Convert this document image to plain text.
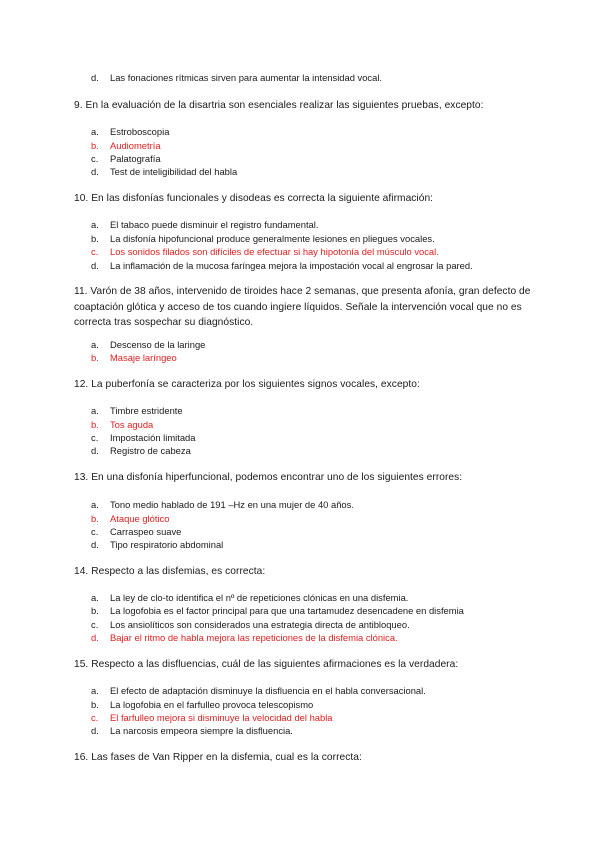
d. Las fonaciones rítmicas sirven para aumentar la intensidad vocal.
9. En la evaluación de la disartria son esenciales realizar las siguientes pruebas, excepto:
a. Estroboscopia
b. Audiometría
c. Palatografía
d. Test de inteligibilidad del habla
10. En las disfonías funcionales y disodeas es correcta la siguiente afirmación:
a. El tabaco puede disminuir el registro fundamental.
b. La disfonía hipofuncional produce generalmente lesiones en pliegues vocales.
c. Los sonidos filados son difíciles de efectuar si hay hipotonía del músculo vocal.
d. La inflamación de la mucosa faríngea mejora la impostación vocal al engrosar la pared.
11. Varón de 38 años, intervenido de tiroides hace 2 semanas, que presenta afonía, gran defecto de coaptación glótica y acceso de tos cuando ingiere líquidos. Señale la intervención vocal que no es correcta tras sospechar su diagnóstico.
a. Descenso de la laringe
b. Masaje laríngeo
12. La puberfonía se caracteriza por los siguientes signos vocales, excepto:
a. Timbre estridente
b. Tos aguda
c. Impostación limitada
d. Registro de cabeza
13. En una disfonía hiperfuncional, podemos encontrar uno de los siguientes errores:
a. Tono medio hablado de 191 –Hz en una mujer de 40 años.
b. Ataque glótico
c. Carraspeo suave
d. Tipo respiratorio abdominal
14. Respecto a las disfemias, es correcta:
a. La ley de clo-to identifica el nº de repeticiones clónicas en una disfemia.
b. La logofobia es el factor principal para que una tartamudez desencadene en disfemia
c. Los ansiolíticos son considerados una estrategia directa de antibloqueo.
d. Bajar el ritmo de habla mejora las repeticiones de la disfemia clónica.
15. Respecto a las disfluencias, cuál de las siguientes afirmaciones es la verdadera:
a. El efecto de adaptación disminuye la disfluencia en el habla conversacional.
b. La logofobia en el farfulleo provoca telescopismo
c. El farfulleo mejora si disminuye la velocidad del habla
d. La narcosis empeora siempre la disfluencia.
16. Las fases de Van Ripper en la disfemia, cual es la correcta:
